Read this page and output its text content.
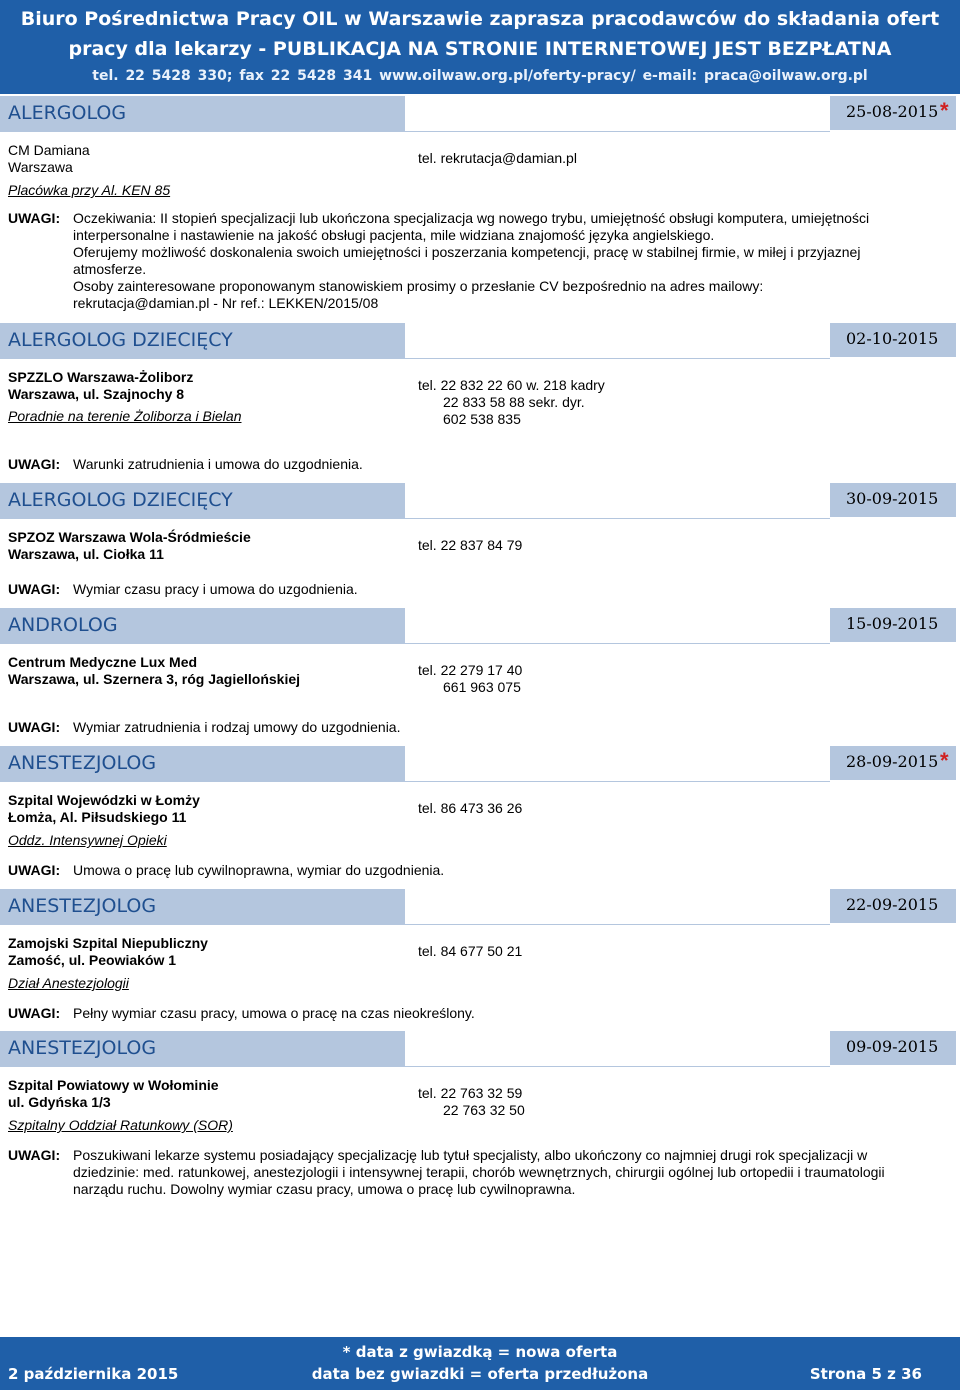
Biuro Pośrednictwa Pracy OIL w Warszawie zaprasza pracodawców do składania ofert
pracy dla lekarzy - PUBLIKACJA NA STRONIE INTERNETOWEJ JEST BEZPŁATNA
tel. 22 5428 330; fax 22 5428 341 www.oilwaw.org.pl/oferty-pracy/ e-mail: praca@oilwaw.org.pl
ALERGOLOG	25-08-2015 *
CM Damiana
Warszawa
Placówka przy Al. KEN 85
tel. rekrutacja@damian.pl
UWAGI: Oczekiwania: II stopień specjalizacji lub ukończona specjalizacja wg nowego trybu, umiejętność obsługi komputera, umiejętności
interpersonalne i nastawienie na jakość obsługi pacjenta, mile widziana znajomość języka angielskiego.
Oferujemy możliwość doskonalenia swoich umiejętności i poszerzania kompetencji, pracę w stabilnej firmie, w miłej i przyjaznej
atmosferze.
Osoby zainteresowane proponowanym stanowiskiem prosimy o przesłanie CV bezpośrednio na adres mailowy:
rekrutacja@damian.pl - Nr ref.: LEKKEN/2015/08
ALERGOLOG DZIECIĘCY	02-10-2015
SPZZLO Warszawa-Żoliborz
Warszawa, ul. Szajnochy 8
Poradnie na terenie Żoliborza i Bielan
tel. 22 832 22 60 w. 218 kadry
22 833 58 88 sekr. dyr.
602 538 835
UWAGI: Warunki zatrudnienia i umowa do uzgodnienia.
ALERGOLOG DZIECIĘCY	30-09-2015
SPZOZ Warszawa Wola-Śródmieście
Warszawa, ul. Ciołka 11
tel. 22 837 84 79
UWAGI: Wymiar czasu pracy i umowa do uzgodnienia.
ANDROLOG	15-09-2015
Centrum Medyczne Lux Med
Warszawa, ul. Szernera 3, róg Jagiellońskiej
tel. 22 279 17 40
661 963 075
UWAGI: Wymiar zatrudnienia i rodzaj umowy do uzgodnienia.
ANESTEZJOLOG	28-09-2015 *
Szpital Wojewódzki w Łomży
Łomża, Al. Piłsudskiego 11
Oddz. Intensywnej Opieki
tel. 86 473 36 26
UWAGI: Umowa o pracę lub cywilnoprawna, wymiar do uzgodnienia.
ANESTEZJOLOG	22-09-2015
Zamojski Szpital Niepubliczny
Zamość, ul. Peowiaków 1
Dział Anestezjologii
tel. 84 677 50 21
UWAGI: Pełny wymiar czasu pracy, umowa o pracę na czas nieokreślony.
ANESTEZJOLOG	09-09-2015
Szpital Powiatowy w Wołominie
ul. Gdyńska 1/3
Szpitalny Oddział Ratunkowy (SOR)
tel. 22 763 32 59
22 763 32 50
UWAGI: Poszukiwani lekarze systemu posiadający specjalizację lub tytuł specjalisty, albo ukończony co najmniej drugi rok specjalizacji w
dziedzinie: med. ratunkowej, anestezjologii i intensywnej terapii, chorób wewnętrznych, chirurgii ogólnej lub ortopedii i traumatologii
narządu ruchu. Dowolny wymiar czasu pracy, umowa o pracę lub cywilnoprawna.
2 października 2015
* data z gwiazdką = nowa oferta
data bez gwiazdki = oferta przedłużona	Strona 5 z 36
